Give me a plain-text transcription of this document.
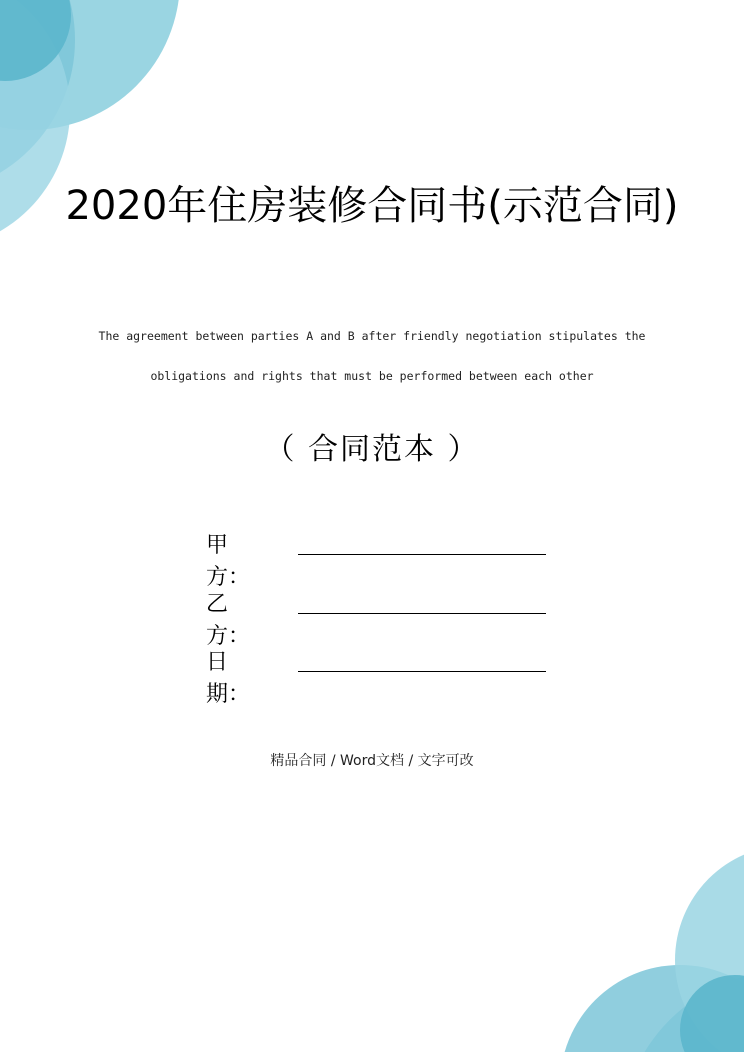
2020年住房装修合同书(示范合同)
The agreement between parties A and B after friendly negotiation stipulates the
obligations and rights that must be performed between each other
（ 合同范本 ）
甲　方：
乙　方：
日　期：
精品合同 / Word文档 / 文字可改
